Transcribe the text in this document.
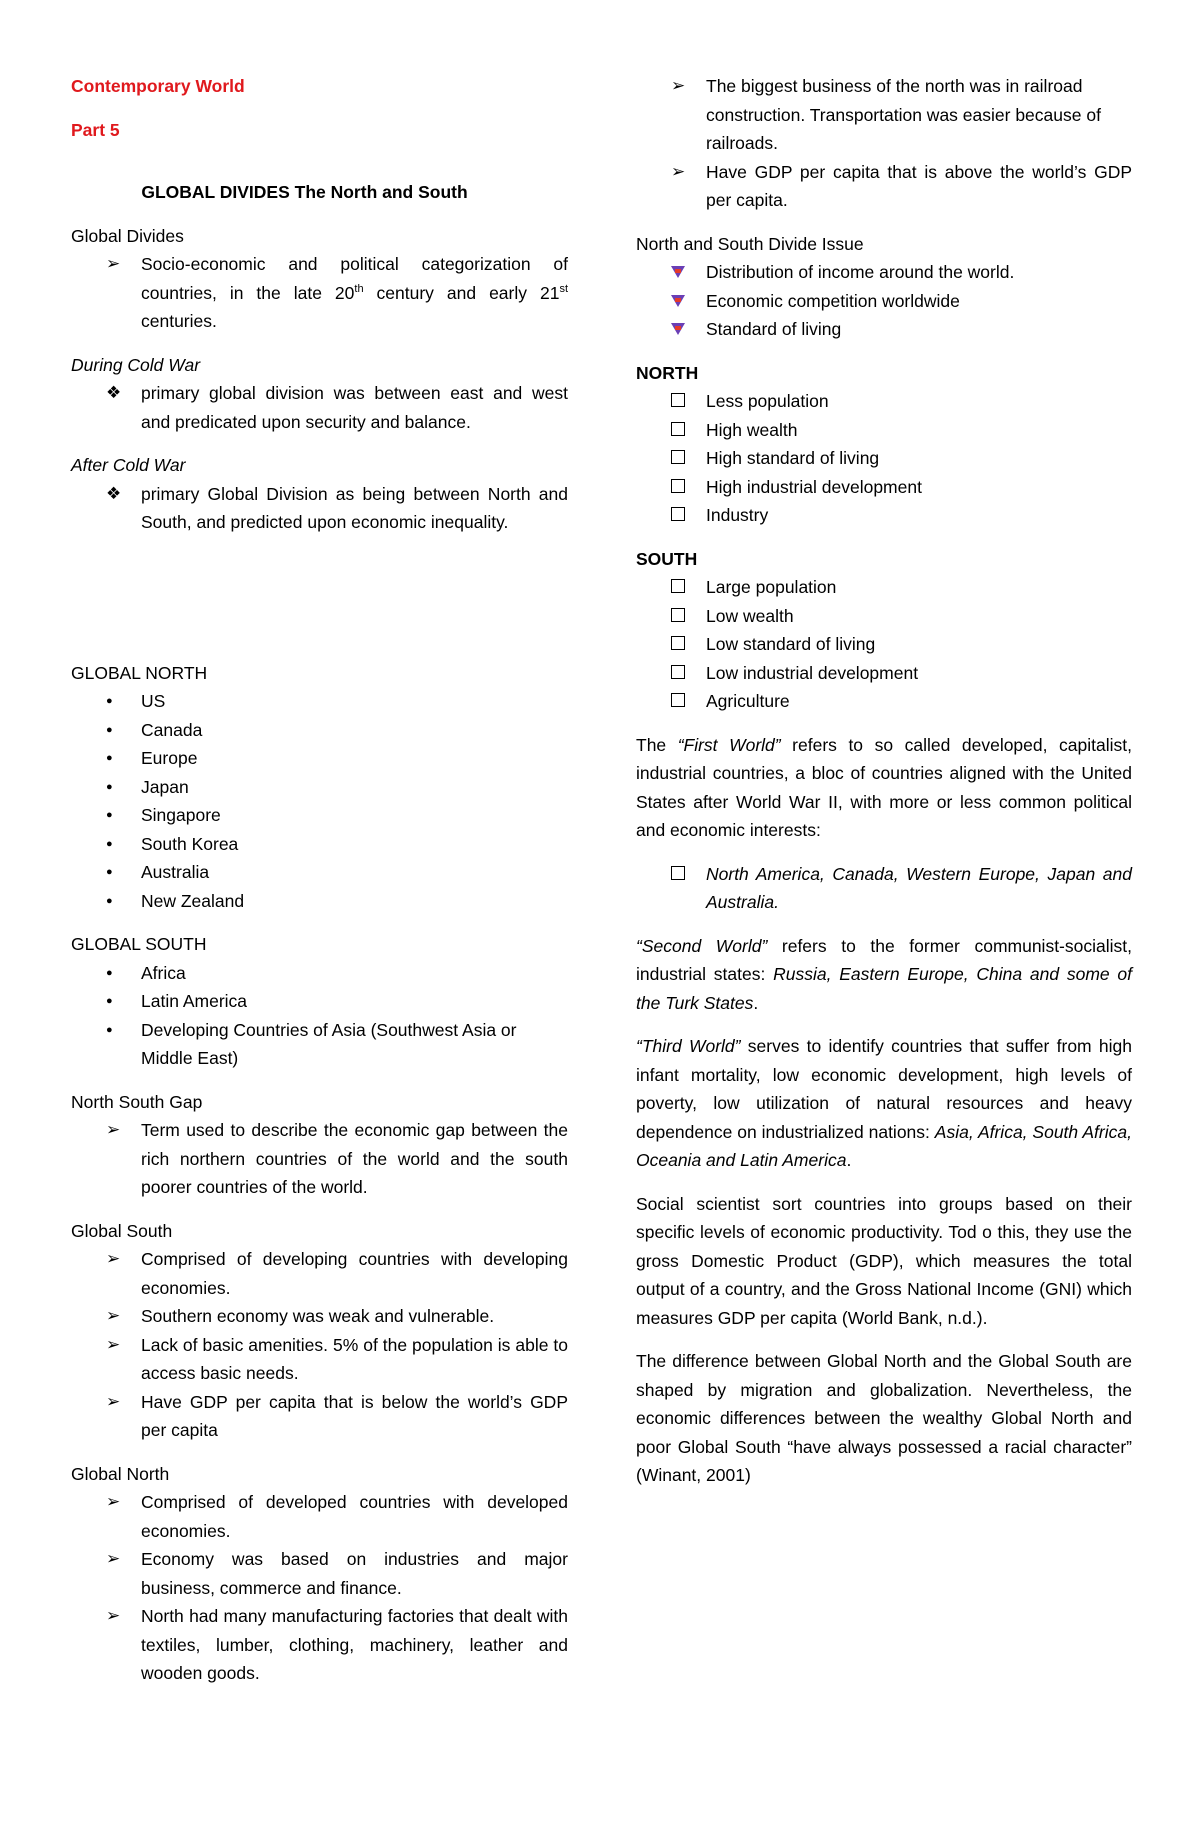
Contemporary World

Part 5

GLOBAL DIVIDES The North and South

Global Divides

➢
Socio-economic and political categorization of countries, in the late 20th century and early 21st centuries.

During Cold War

❖
primary global division was between east and west and predicated upon security and balance.

After Cold War

❖
primary Global Division as being between North and South, and predicted upon economic inequality.

GLOBAL NORTH

●
US
●
Canada
●
Europe
●
Japan
●
Singapore
●
South Korea
●
Australia
●
New Zealand

GLOBAL SOUTH

●
Africa
●
Latin America
●
Developing Countries of Asia (Southwest Asia or Middle East)

North South Gap

➢
Term used to describe the economic gap between the rich northern countries of the world and the south poorer countries of the world.

Global South

➢
Comprised of developing countries with developing economies.
➢
Southern economy was weak and vulnerable.
➢
Lack of basic amenities. 5% of the population is able to access basic needs.
➢
Have GDP per capita that is below the world’s GDP per capita

Global North

➢
Comprised of developed countries with developed economies.
➢
Economy was based on industries and major business, commerce and finance.
➢
North had many manufacturing factories that dealt with textiles, lumber, clothing, machinery, leather and wooden goods.
➢
The biggest business of the north was in railroad construction. Transportation was easier because of railroads.
➢
Have GDP per capita that is above the world’s GDP per capita.

North and South Divide Issue

Distribution of income around the world.
Economic competition worldwide
Standard of living

NORTH

Less population
High wealth
High standard of living
High industrial development
Industry

SOUTH

Large population
Low wealth
Low standard of living
Low industrial development
Agriculture

The “First World” refers to so called developed, capitalist, industrial countries, a bloc of countries aligned with the United States after World War II, with more or less common political and economic interests:

North America, Canada, Western Europe, Japan and Australia.

“Second World” refers to the former communist-socialist, industrial states: Russia, Eastern Europe, China and some of the Turk States.

“Third World” serves to identify countries that suffer from high infant mortality, low economic development, high levels of poverty, low utilization of natural resources and heavy dependence on industrialized nations: Asia, Africa, South Africa, Oceania and Latin America.

Social scientist sort countries into groups based on their specific levels of economic productivity. Tod o this, they use the gross Domestic Product (GDP), which measures the total output of a country, and the Gross National Income (GNI) which measures GDP per capita (World Bank, n.d.).

The difference between Global North and the Global South are shaped by migration and globalization. Nevertheless, the economic differences between the wealthy Global North and poor Global South “have always possessed a racial character” (Winant, 2001)
